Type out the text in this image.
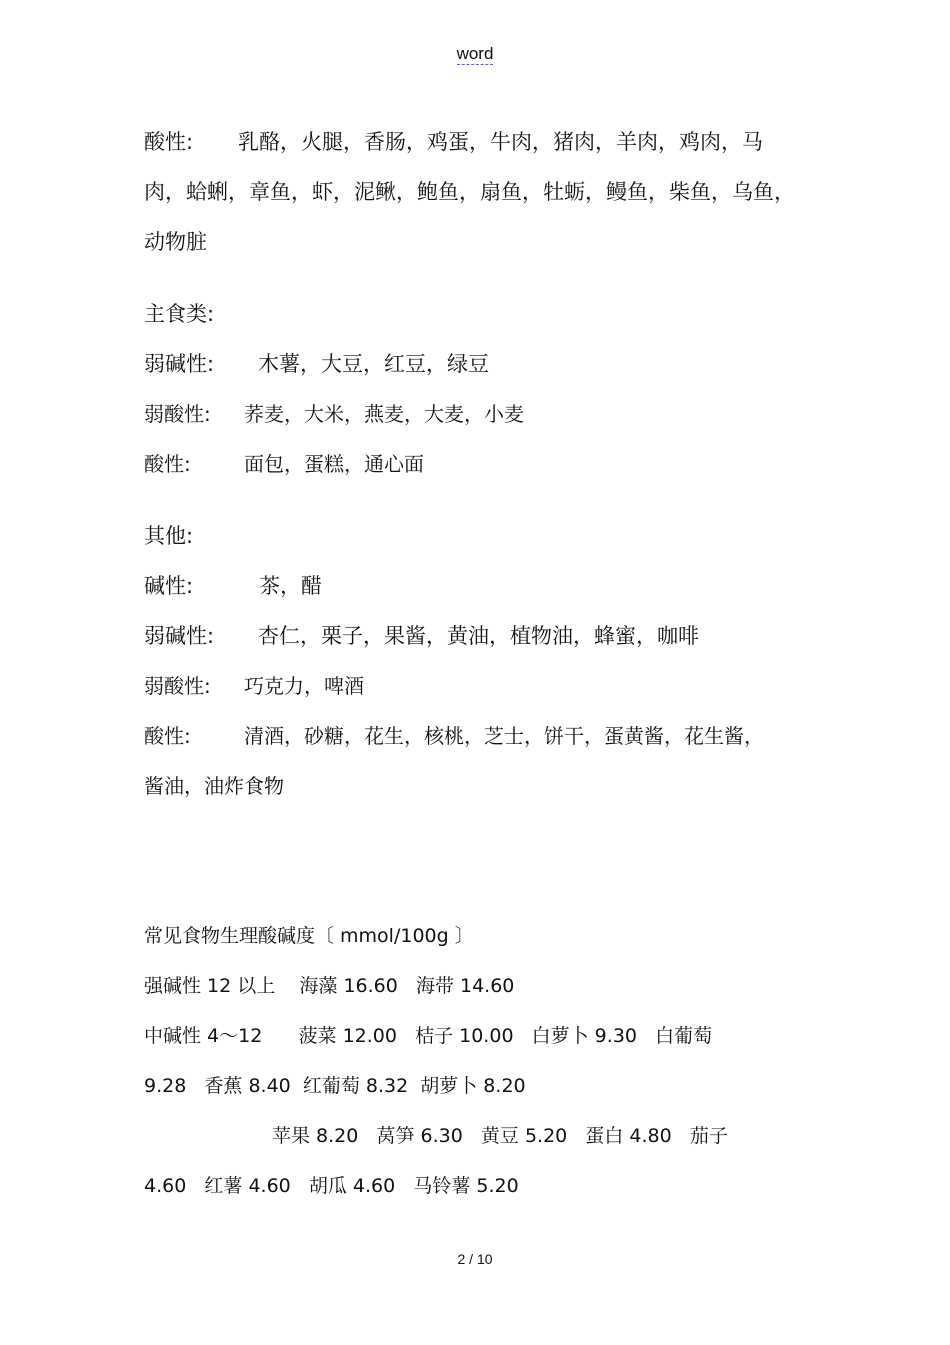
word
酸性: 乳酪，火腿，香肠，鸡蛋，牛肉，猪肉，羊肉，鸡肉，马
肉，蛤蜊，章鱼，虾，泥鳅，鲍鱼，扇鱼，牡蛎，鳗鱼，柴鱼，乌鱼，
动物脏
主食类:
弱碱性: 木薯，大豆，红豆，绿豆
弱酸性: 荞麦，大米，燕麦，大麦，小麦
酸性:	面包，蛋糕，通心面
其他:
碱性:	茶，醋
弱碱性: 杏仁，栗子，果酱，黄油，植物油，蜂蜜，咖啡
弱酸性: 巧克力，啤酒
酸性:	清酒，砂糖，花生，核桃，芝士，饼干，蛋黄酱，花生酱，
酱油，油炸食物
常见食物生理酸碱度〔 mmol/100g 〕
强碱性 12 以上    海藻 16.60   海带 14.60
中碱性 4～12      菠菜 12.00   桔子 10.00   白萝卜 9.30   白葡萄
9.28   香蕉 8.40  红葡萄 8.32  胡萝卜 8.20
苹果 8.20   莴笋 6.30   黄豆 5.20   蛋白 4.80   茄子
4.60   红薯 4.60   胡瓜 4.60   马铃薯 5.20
2 / 10
